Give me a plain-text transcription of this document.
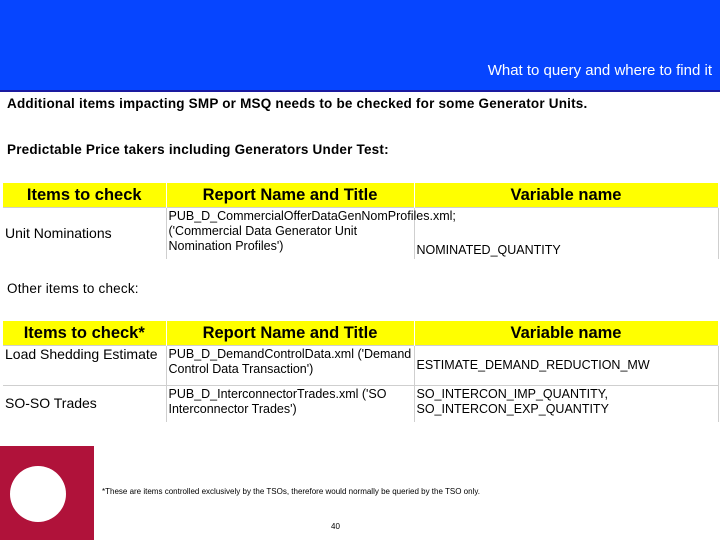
What to query and where to find it
Additional items impacting SMP or MSQ needs to be checked for some Generator Units.
Predictable Price takers including Generators Under Test:
Items to check	Report Name and Title	Variable name
Unit Nominations	PUB_D_CommercialOfferDataGenNomProfiles.xml; ('Commercial Data Generator Unit Nomination Profiles')	NOMINATED_QUANTITY
Other items to check:
Items to check*	Report Name and Title	Variable name
Load Shedding Estimate	PUB_D_DemandControlData.xml ('Demand Control Data Transaction')	ESTIMATE_DEMAND_REDUCTION_MW
SO-SO Trades	PUB_D_InterconnectorTrades.xml ('SO Interconnector Trades')	SO_INTERCON_IMP_QUANTITY, SO_INTERCON_EXP_QUANTITY
*These are items controlled exclusively by the TSOs, therefore would normally be queried by the TSO only.
40
